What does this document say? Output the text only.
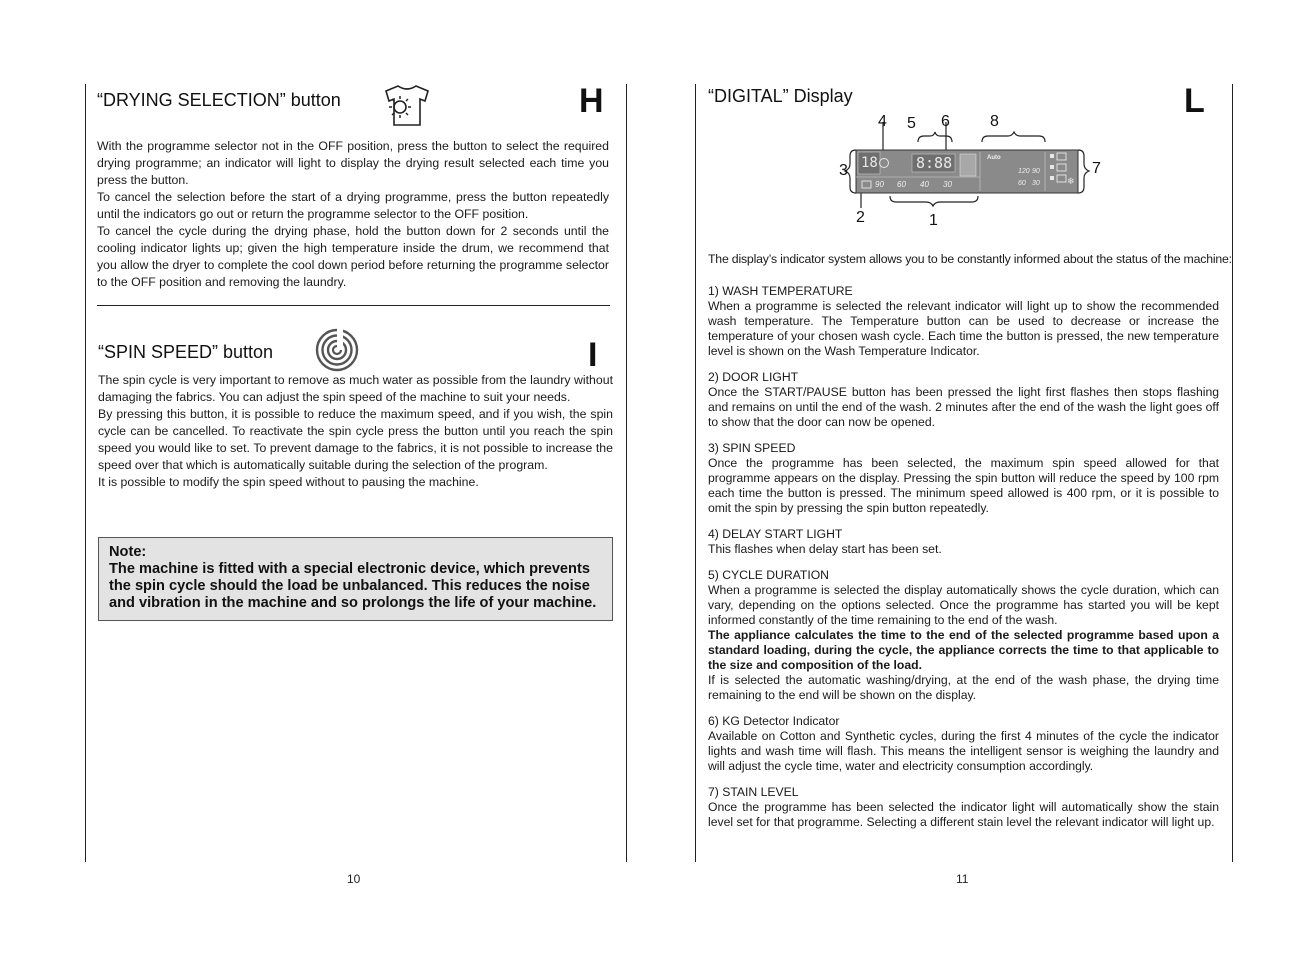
“DRYING SELECTION” button	H

With the programme selector not in the OFF position, press the button to select the required drying programme; an indicator will light to display the drying result selected each time you press the button.

To cancel the selection before the start of a drying programme, press the button repeatedly until the indicators go out or return the programme selector to the OFF position.

To cancel the cycle during the drying phase, hold the button down for 2 seconds until the cooling indicator lights up; given the high temperature inside the drum, we recommend that you allow the dryer to complete the cool down period before returning the programme selector to the OFF position and removing the laundry.

“SPIN SPEED” button	I

The spin cycle is very important to remove as much water as possible from the laundry without damaging the fabrics. You can adjust the spin speed of the machine to suit your needs.

By pressing this button, it is possible to reduce the maximum speed, and if you wish, the spin cycle can be cancelled. To reactivate the spin cycle press the button until you reach the spin speed you would like to set. To prevent damage to the fabrics, it is not possible to increase the speed over that which is automatically suitable during the selection of the program.

It is possible to modify the spin speed without to pausing the machine.

Note:
The machine is fitted with a special electronic device, which prevents the spin cycle should the load be unbalanced. This reduces the noise and vibration in the machine and so prolongs the life of your machine.
10
“DIGITAL” Display	L
❄
18	8:88	Auto
90 60 40 30
120 90
60 30
4 5 6	8
3	7
2	1
The display’s indicator system allows you to be constantly informed about the status of the machine:
1) WASH TEMPERATURE
When a programme is selected the relevant indicator will light up to show the recommended wash temperature. The Temperature button can be used to decrease or increase the temperature of your chosen wash cycle. Each time the button is pressed, the new temperature level is shown on the Wash Temperature Indicator.
2) DOOR LIGHT
Once the START/PAUSE button has been pressed the light first flashes then stops flashing and remains on until the end of the wash. 2 minutes after the end of the wash the light goes off to show that the door can now be opened.
3) SPIN SPEED
Once the programme has been selected, the maximum spin speed allowed for that programme appears on the display. Pressing the spin button will reduce the speed by 100 rpm each time the button is pressed. The minimum speed allowed is 400 rpm, or it is possible to omit the spin by pressing the spin button repeatedly.
4) DELAY START LIGHT
This flashes when delay start has been set.
5) CYCLE DURATION
When a programme is selected the display automatically shows the cycle duration, which can vary, depending on the options selected. Once the programme has started you will be kept informed constantly of the time remaining to the end of the wash.
The appliance calculates the time to the end of the selected programme based upon a standard loading, during the cycle, the appliance corrects the time to that applicable to the size and composition of the load.
If is selected the automatic washing/drying, at the end of the wash phase, the drying time remaining to the end will be shown on the display.
6) KG Detector Indicator
Available on Cotton and Synthetic cycles, during the first 4 minutes of the cycle the indicator lights and wash time will flash. This means the intelligent sensor is weighing the laundry and will adjust the cycle time, water and electricity consumption accordingly.
7) STAIN LEVEL
Once the programme has been selected the indicator light will automatically show the stain level set for that programme. Selecting a different stain level the relevant indicator will light up.
11
